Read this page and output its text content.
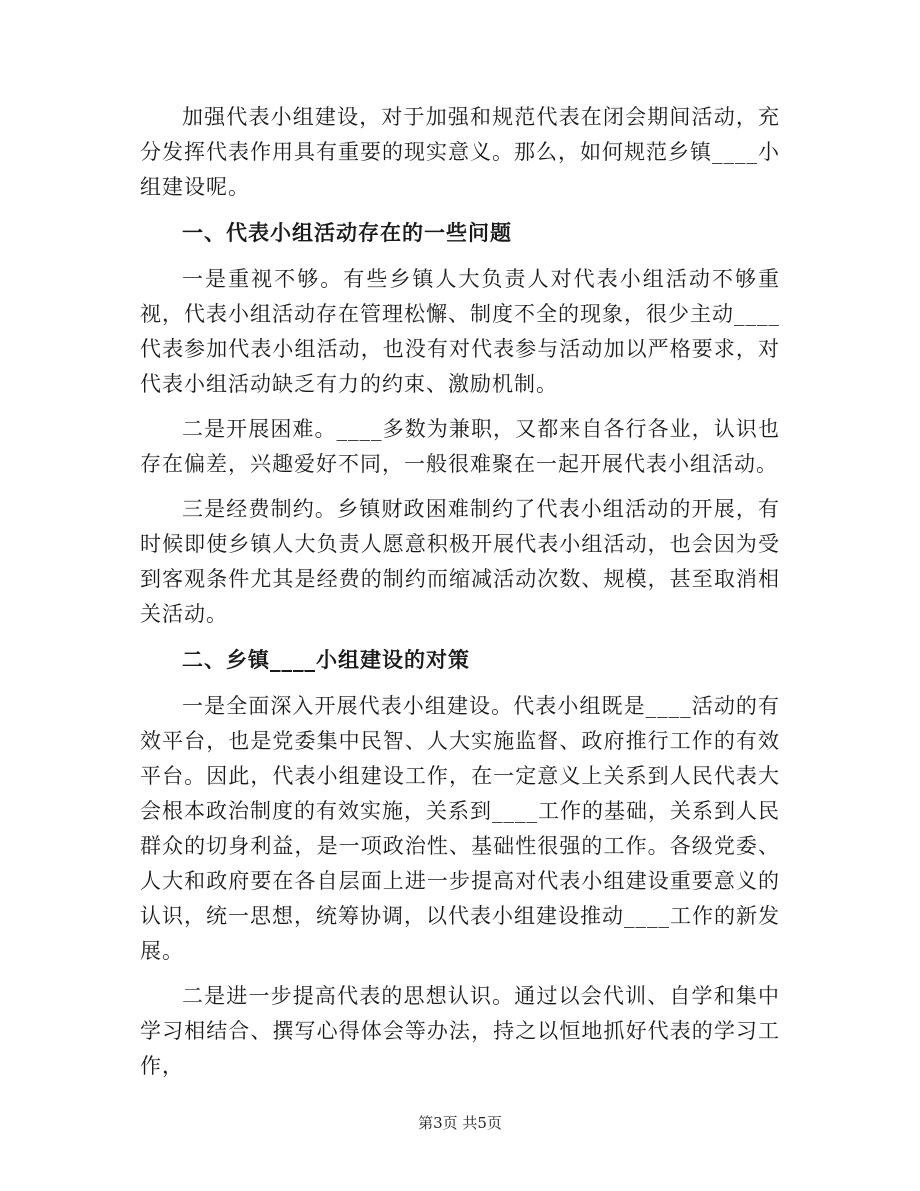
加强代表小组建设，对于加强和规范代表在闭会期间活动，充分发挥代表作用具有重要的现实意义。那么，如何规范乡镇____小组建设呢。

一、代表小组活动存在的一些问题

一是重视不够。有些乡镇人大负责人对代表小组活动不够重视，代表小组活动存在管理松懈、制度不全的现象，很少主动____代表参加代表小组活动，也没有对代表参与活动加以严格要求，对代表小组活动缺乏有力的约束、激励机制。

二是开展困难。____多数为兼职，又都来自各行各业，认识也存在偏差，兴趣爱好不同，一般很难聚在一起开展代表小组活动。

三是经费制约。乡镇财政困难制约了代表小组活动的开展，有时候即使乡镇人大负责人愿意积极开展代表小组活动，也会因为受到客观条件尤其是经费的制约而缩减活动次数、规模，甚至取消相关活动。

二、乡镇____小组建设的对策

一是全面深入开展代表小组建设。代表小组既是____活动的有效平台，也是党委集中民智、人大实施监督、政府推行工作的有效平台。因此，代表小组建设工作，在一定意义上关系到人民代表大会根本政治制度的有效实施，关系到____工作的基础，关系到人民群众的切身利益，是一项政治性、基础性很强的工作。各级党委、人大和政府要在各自层面上进一步提高对代表小组建设重要意义的认识，统一思想，统筹协调，以代表小组建设推动____工作的新发展。

二是进一步提高代表的思想认识。通过以会代训、自学和集中学习相结合、撰写心得体会等办法，持之以恒地抓好代表的学习工作，

第3页 共5页
